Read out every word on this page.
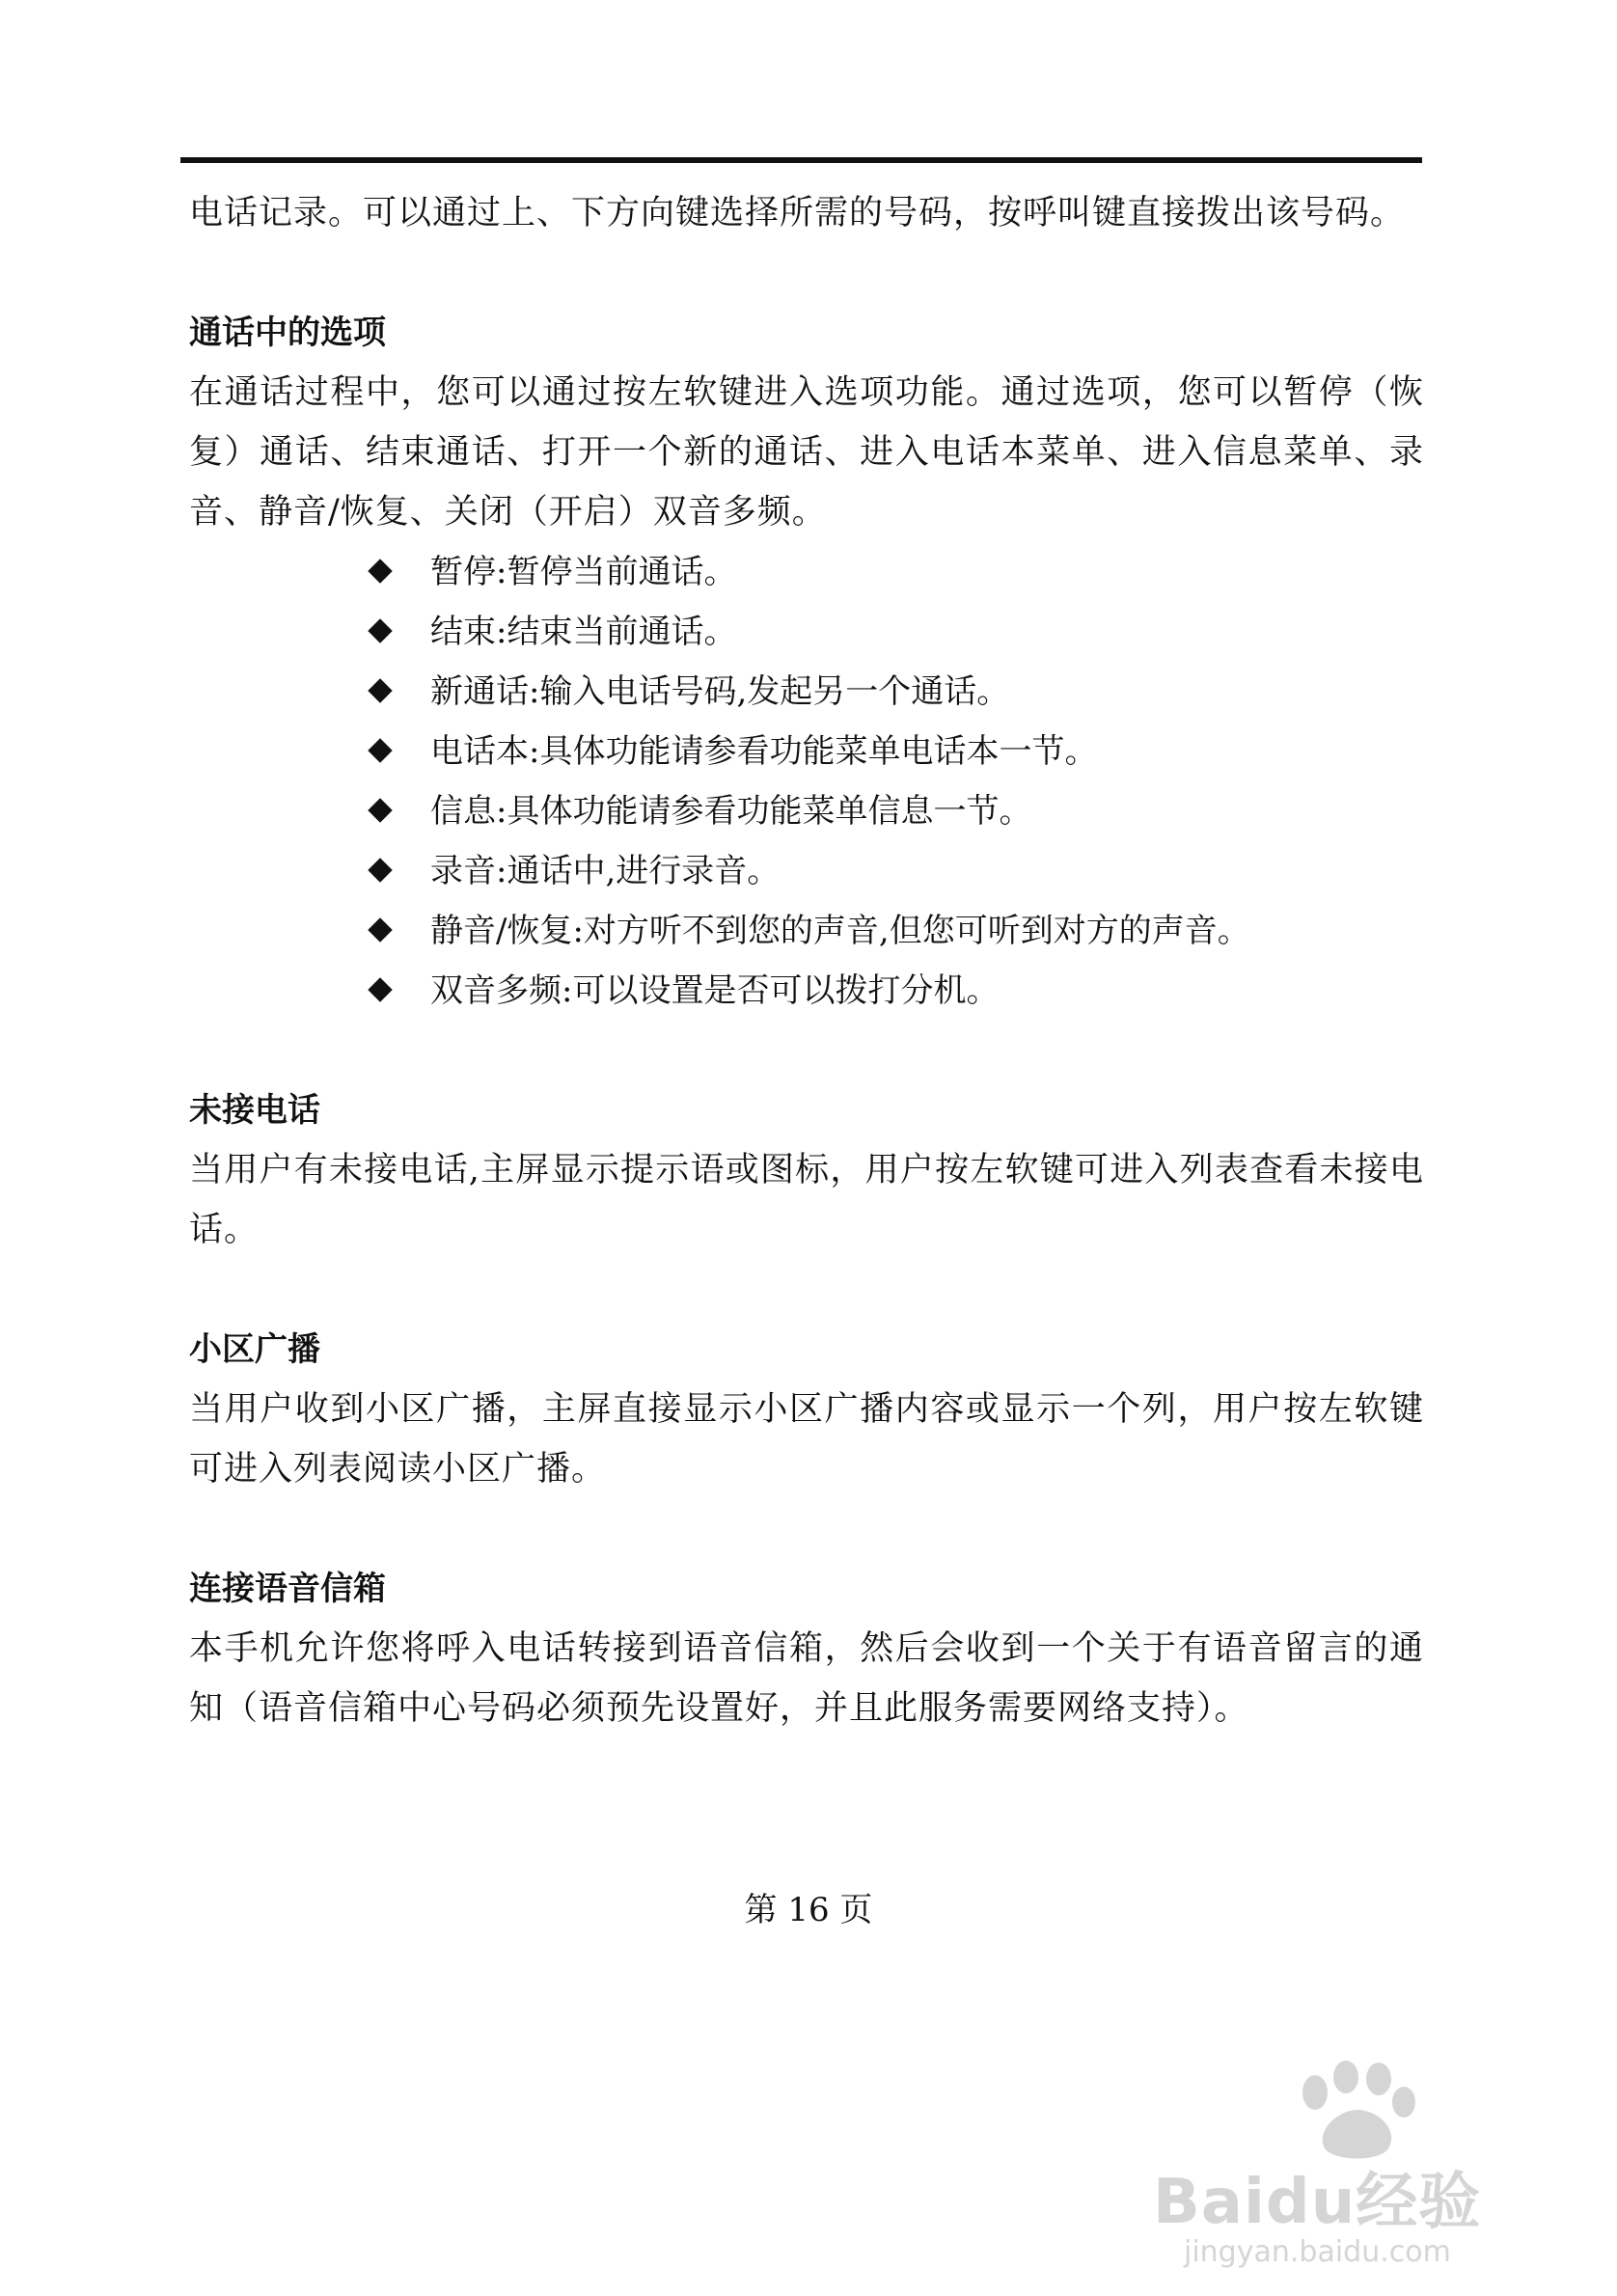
电话记录。可以通过上、下方向键选择所需的号码，按呼叫键直接拨出该号码。

通话中的选项

在通话过程中，您可以通过按左软键进入选项功能。通过选项，您可以暂停（恢复）通话、结束通话、打开一个新的通话、进入电话本菜单、进入信息菜单、录音、静音/恢复、关闭（开启）双音多频。

暂停:暂停当前通话。
结束:结束当前通话。
新通话:输入电话号码,发起另一个通话。
电话本:具体功能请参看功能菜单电话本一节。
信息:具体功能请参看功能菜单信息一节。
录音:通话中,进行录音。
静音/恢复:对方听不到您的声音,但您可听到对方的声音。
双音多频:可以设置是否可以拨打分机。
未接电话

当用户有未接电话,主屏显示提示语或图标，用户按左软键可进入列表查看未接电话。

小区广播

当用户收到小区广播，主屏直接显示小区广播内容或显示一个列，用户按左软键可进入列表阅读小区广播。

连接语音信箱

本手机允许您将呼入电话转接到语音信箱，然后会收到一个关于有语音留言的通知（语音信箱中心号码必须预先设置好，并且此服务需要网络支持）。

第 16 页
Baidu经验
jingyan.baidu.com
